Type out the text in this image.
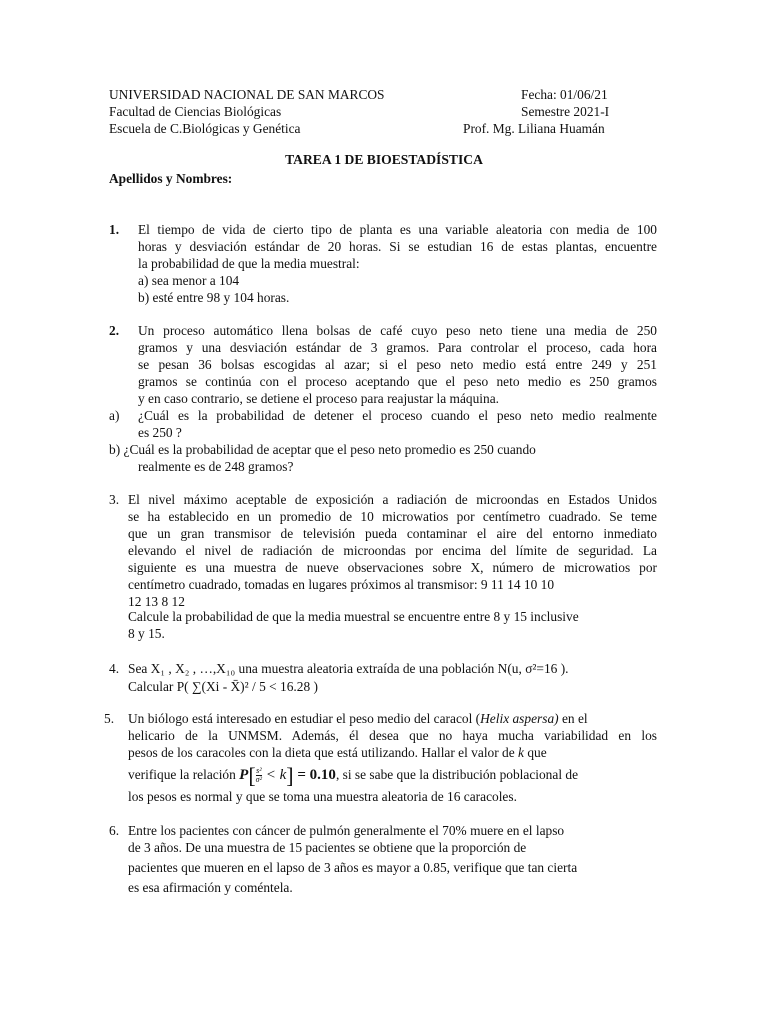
UNIVERSIDAD NACIONAL DE SAN MARCOS
Facultad de Ciencias Biológicas
Escuela de C.Biológicas y Genética
Fecha: 01/06/21
Semestre 2021-I
Prof. Mg. Liliana Huamán
TAREA 1 DE BIOESTADÍSTICA
Apellidos y Nombres:
1. El tiempo de vida de cierto tipo de planta es una variable aleatoria con media de 100
horas y desviación estándar de 20 horas. Si se estudian 16 de estas plantas, encuentre
la probabilidad de que la media muestral:
a) sea menor a 104
b) esté entre 98 y 104 horas.
2. Un proceso automático llena bolsas de café cuyo peso neto tiene una media de 250
gramos y una desviación estándar de 3 gramos. Para controlar el proceso, cada hora
se pesan 36 bolsas escogidas al azar; si el peso neto medio está entre 249 y 251
gramos se continúa con el proceso aceptando que el peso neto medio es 250 gramos
y en caso contrario, se detiene el proceso para reajustar la máquina.
a) ¿Cuál es la probabilidad de detener el proceso cuando el peso neto medio realmente
es 250 ?
b) ¿Cuál es la probabilidad de aceptar que el peso neto promedio es 250 cuando
realmente es de 248 gramos?
3. El nivel máximo aceptable de exposición a radiación de microondas en Estados Unidos
se ha establecido en un promedio de 10 microwatios por centímetro cuadrado. Se teme
que un gran transmisor de televisión pueda contaminar el aire del entorno inmediato
elevando el nivel de radiación de microondas por encima del límite de seguridad. La
siguiente es una muestra de nueve observaciones sobre X, número de microwatios por
centímetro cuadrado, tomadas en lugares próximos al transmisor: 9 11 14 10 10
12 13 8 12
Calcule la probabilidad de que la media muestral se encuentre entre 8 y 15 inclusive
8 y 15.
4. Sea X₁ , X₂ , …,X₁₀ una muestra aleatoria extraída de una población N(u, σ²=16 ).
Calcular P( ∑(Xi - X̄)² / 5 < 16.28 )
5. Un biólogo está interesado en estudiar el peso medio del caracol (Helix aspersa) en el
helicario de la UNMSM. Además, él desea que no haya mucha variabilidad en los
pesos de los caracoles con la dieta que está utilizando. Hallar el valor de k que
verifique la relación $P[ \frac{\text{s²}}{\text{σ²}} < k] = 0.10$, si se sabe que la distribución poblacional de
los pesos es normal y que se toma una muestra aleatoria de 16 caracoles.
6. Entre los pacientes con cáncer de pulmón generalmente el 70% muere en el lapso
de 3 años. De una muestra de 15 pacientes se obtiene que la proporción de
pacientes que mueren en el lapso de 3 años es mayor a 0.85, verifique que tan cierta
es esa afirmación y coméntela.
